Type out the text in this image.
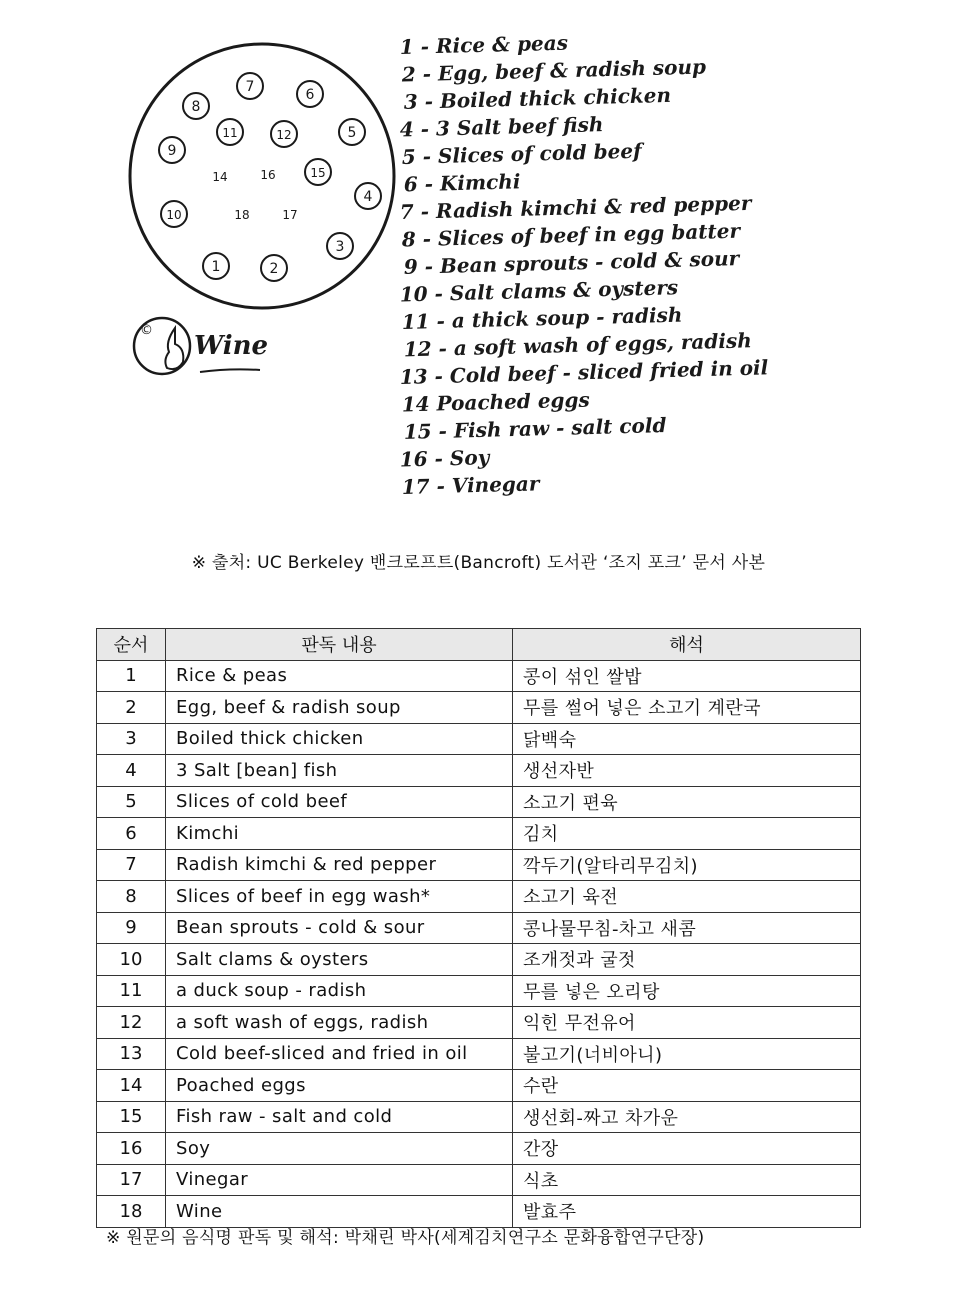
7	6
8
11	12	5
9
14	16	15
4
10	18	17
3
1	2
©
Wine
1 - Rice & peas
2 - Egg, beef & radish soup
3 - Boiled thick chicken
4 - 3 Salt beef fish
5 - Slices of cold beef
6 - Kimchi
7 - Radish kimchi & red pepper
8 - Slices of beef in egg batter
9 - Bean sprouts - cold & sour
10 - Salt clams & oysters
11 - a thick soup - radish
12 - a soft wash of eggs, radish
13 - Cold beef - sliced fried in oil
14 Poached eggs
15 - Fish raw - salt cold
16 - Soy
17 - Vinegar
※ 출처: UC Berkeley 밴크로프트(Bancroft) 도서관 ‘조지 포크’ 문서 사본
순서	판독 내용	해석
1	Rice & peas	콩이 섞인 쌀밥
2	Egg, beef & radish soup	무를 썰어 넣은 소고기 계란국
3	Boiled thick chicken	닭백숙
4	3 Salt [bean] fish	생선자반
5	Slices of cold beef	소고기 편육
6	Kimchi	김치
7	Radish kimchi & red pepper	깍두기(알타리무김치)
8	Slices of beef in egg wash*	소고기 육전
9	Bean sprouts - cold & sour	콩나물무침-차고 새콤
10	Salt clams & oysters	조개젓과 굴젓
11	a duck soup - radish	무를 넣은 오리탕
12	a soft wash of eggs, radish	익힌 무전유어
13	Cold beef-sliced and fried in oil	불고기(너비아니)
14	Poached eggs	수란
15	Fish raw - salt and cold	생선회-짜고 차가운
16	Soy	간장
17	Vinegar	식초
18	Wine	발효주
※ 원문의 음식명 판독 및 해석: 박채린 박사(세계김치연구소 문화융합연구단장)
